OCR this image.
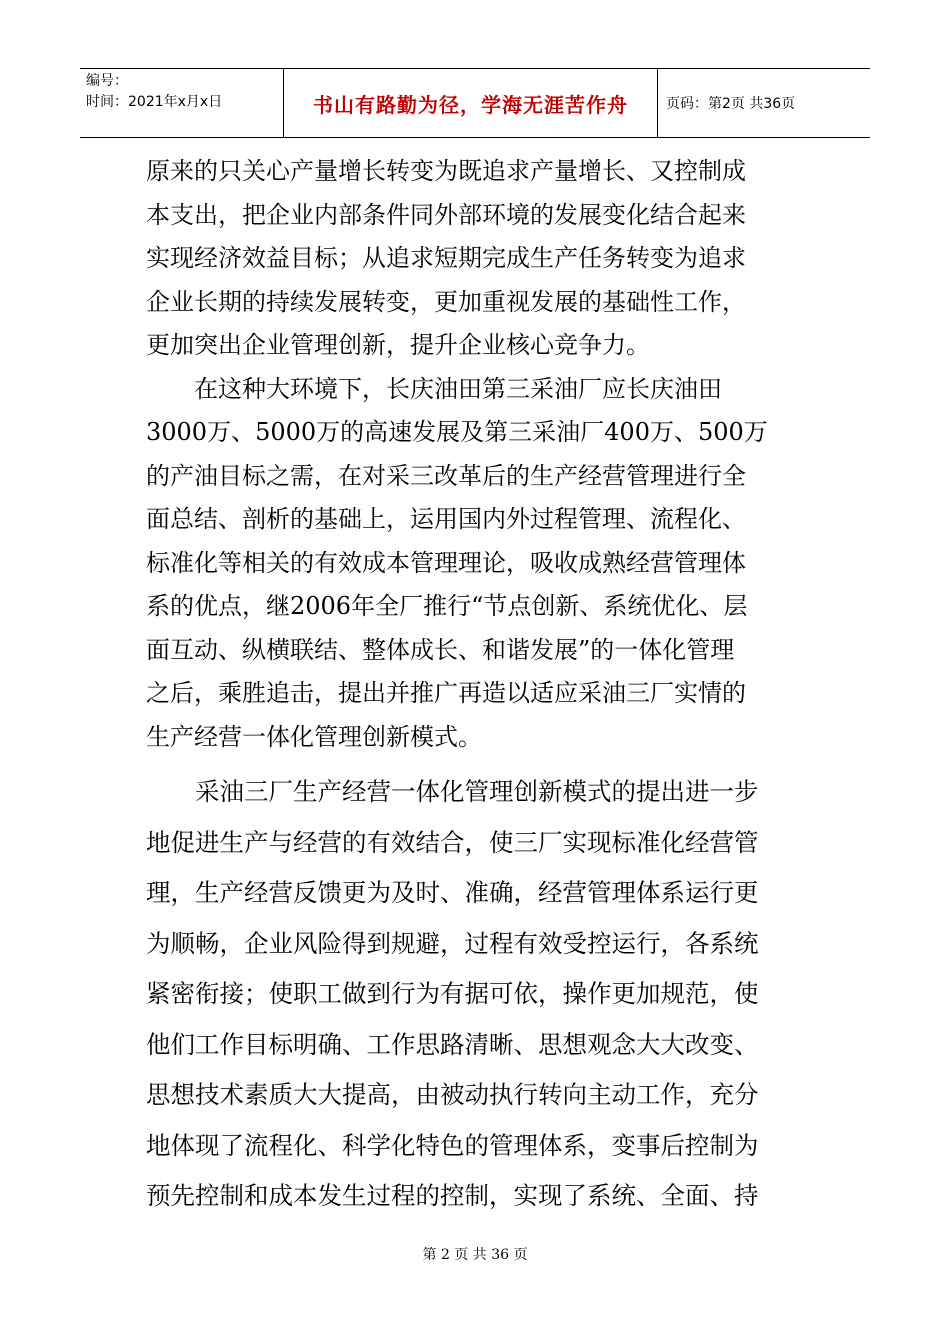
编号：
时间：2021年x月x日	书山有路勤为径，学海无涯苦作舟	页码：第2页 共36页
原来的只关心产量增长转变为既追求产量增长、又控制成
本支出，把企业内部条件同外部环境的发展变化结合起来
实现经济效益目标；从追求短期完成生产任务转变为追求
企业长期的持续发展转变，更加重视发展的基础性工作，
更加突出企业管理创新，提升企业核心竞争力。
在这种大环境下，长庆油田第三采油厂应长庆油田
3000万、5000万的高速发展及第三采油厂400万、500万
的产油目标之需，在对采三改革后的生产经营管理进行全
面总结、剖析的基础上，运用国内外过程管理、流程化、
标准化等相关的有效成本管理理论，吸收成熟经营管理体
系的优点，继2006年全厂推行“节点创新、系统优化、层
面互动、纵横联结、整体成长、和谐发展”的一体化管理
之后，乘胜追击，提出并推广再造以适应采油三厂实情的
生产经营一体化管理创新模式。
采油三厂生产经营一体化管理创新模式的提出进一步
地促进生产与经营的有效结合，使三厂实现标准化经营管
理，生产经营反馈更为及时、准确，经营管理体系运行更
为顺畅，企业风险得到规避，过程有效受控运行，各系统
紧密衔接；使职工做到行为有据可依，操作更加规范，使
他们工作目标明确、工作思路清晰、思想观念大大改变、
思想技术素质大大提高，由被动执行转向主动工作，充分
地体现了流程化、科学化特色的管理体系，变事后控制为
预先控制和成本发生过程的控制，实现了系统、全面、持
第 2 页 共 36 页
